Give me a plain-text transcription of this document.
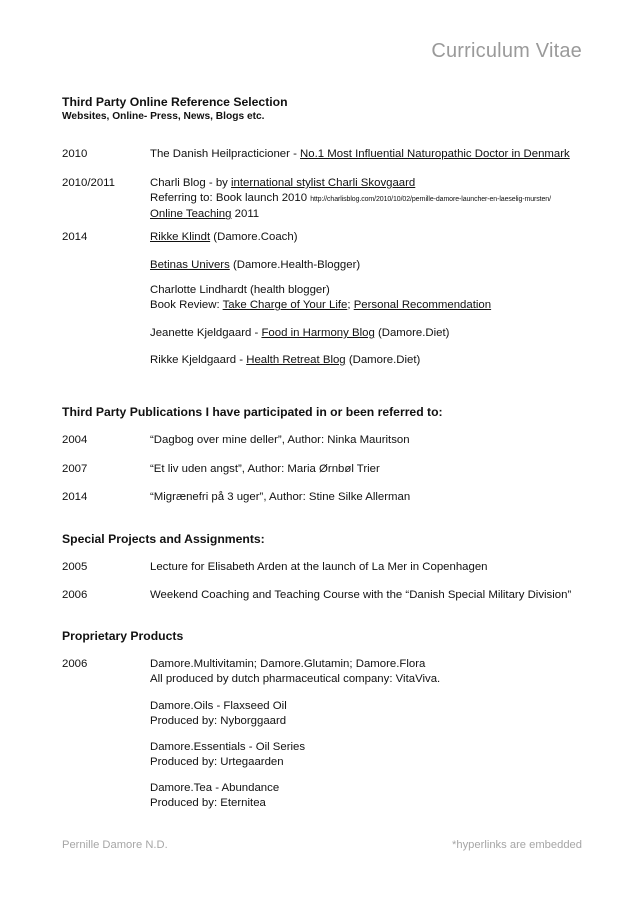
Curriculum Vitae
Third Party Online Reference Selection
Websites, Online- Press, News, Blogs etc.
2010	The Danish Heilpracticioner - No.1 Most Influential Naturopathic Doctor in Denmark
2010/2011	Charli Blog - by international stylist Charli Skovgaard
Referring to: Book launch 2010 http://charlisblog.com/2010/10/02/pernille-damore-launcher-en-laeselig-mursten/
Online Teaching 2011
2014	Rikke Klindt (Damore.Coach)
Betinas Univers (Damore.Health-Blogger)
Charlotte Lindhardt (health blogger)
Book Review: Take Charge of Your Life; Personal Recommendation
Jeanette Kjeldgaard - Food in Harmony Blog (Damore.Diet)
Rikke Kjeldgaard - Health Retreat Blog (Damore.Diet)
Third Party Publications I have participated in or been referred to:
2004	“Dagbog over mine deller”, Author: Ninka Mauritson
2007	“Et liv uden angst”, Author: Maria Ørnbøl Trier
2014	“Migrænefri på 3 uger”, Author: Stine Silke Allerman
Special Projects and Assignments:
2005	Lecture for Elisabeth Arden at the launch of La Mer in Copenhagen
2006	Weekend Coaching and Teaching Course with the “Danish Special Military Division”
Proprietary Products
2006	Damore.Multivitamin; Damore.Glutamin; Damore.Flora
All produced by dutch pharmaceutical company: VitaViva.
Damore.Oils - Flaxseed Oil
Produced by: Nyborggaard
Damore.Essentials - Oil Series
Produced by: Urtegaarden
Damore.Tea - Abundance
Produced by: Eternitea
Pernille Damore N.D.	*hyperlinks are embedded
